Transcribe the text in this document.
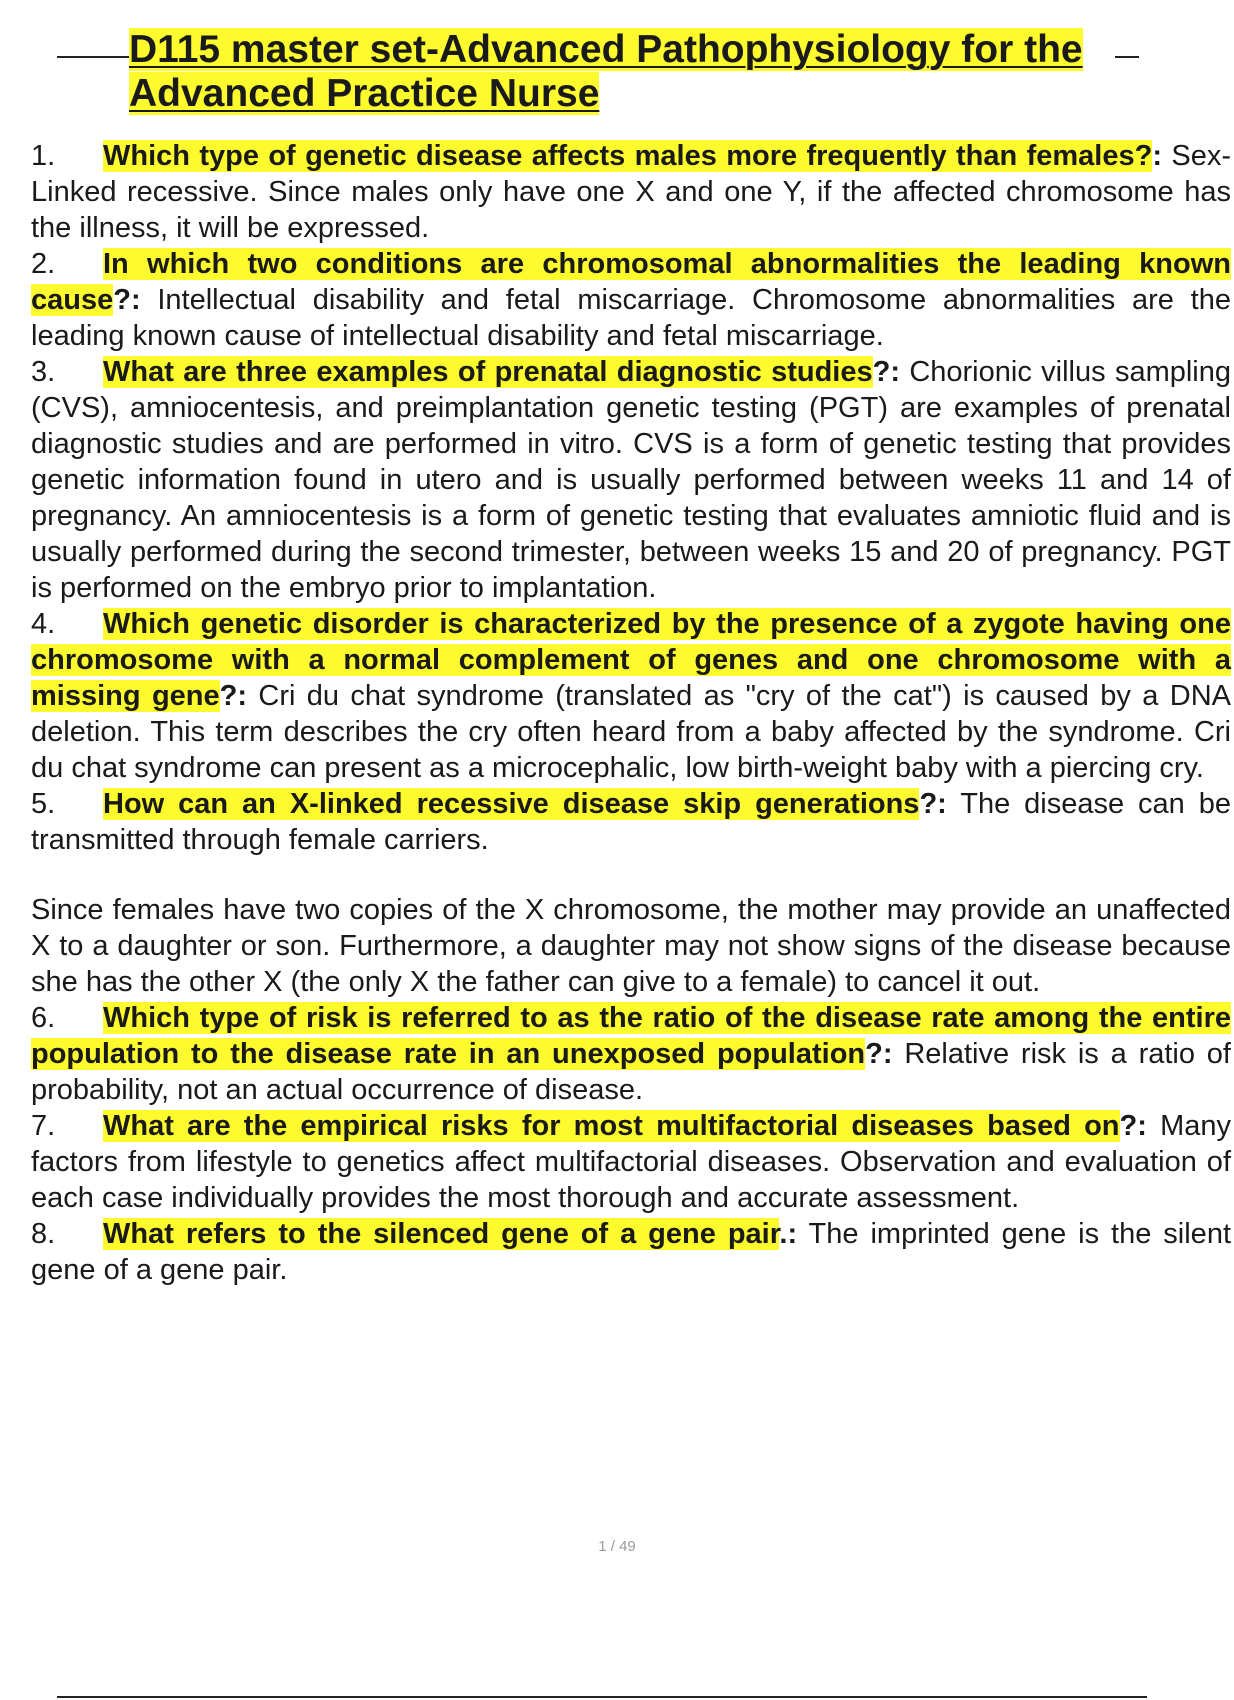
D115 master set-Advanced Pathophysiology for the
Advanced Practice Nurse

1. Which type of genetic disease affects males more frequently than females?: Sex-Linked recessive. Since males only have one X and one Y, if the affected chromosome has the illness, it will be expressed.

2. In which two conditions are chromosomal abnormalities the leading known cause?: Intellectual disability and fetal miscarriage. Chromosome abnormalities are the leading known cause of intellectual disability and fetal miscarriage.

3. What are three examples of prenatal diagnostic studies?: Chorionic villus sampling (CVS), amniocentesis, and preimplantation genetic testing (PGT) are examples of prenatal diagnostic studies and are performed in vitro. CVS is a form of genetic testing that provides genetic information found in utero and is usually performed between weeks 11 and 14 of pregnancy. An amniocentesis is a form of genetic testing that evaluates amniotic fluid and is usually performed during the second trimester, between weeks 15 and 20 of pregnancy. PGT is performed on the embryo prior to implantation.

4. Which genetic disorder is characterized by the presence of a zygote having one chromosome with a normal complement of genes and one chromosome with a missing gene?: Cri du chat syndrome (translated as "cry of the cat") is caused by a DNA deletion. This term describes the cry often heard from a baby affected by the syndrome. Cri du chat syndrome can present as a microcephalic, low birth-weight baby with a piercing cry.

5. How can an X-linked recessive disease skip generations?: The disease can be transmitted through female carriers.

Since females have two copies of the X chromosome, the mother may provide an unaffected X to a daughter or son. Furthermore, a daughter may not show signs of the disease because she has the other X (the only X the father can give to a female) to cancel it out.

6. Which type of risk is referred to as the ratio of the disease rate among the entire population to the disease rate in an unexposed population?: Relative risk is a ratio of probability, not an actual occurrence of disease.

7. What are the empirical risks for most multifactorial diseases based on?: Many factors from lifestyle to genetics affect multifactorial diseases. Observation and evaluation of each case individually provides the most thorough and accurate assessment.

8. What refers to the silenced gene of a gene pair.: The imprinted gene is the silent gene of a gene pair.

1 / 49
